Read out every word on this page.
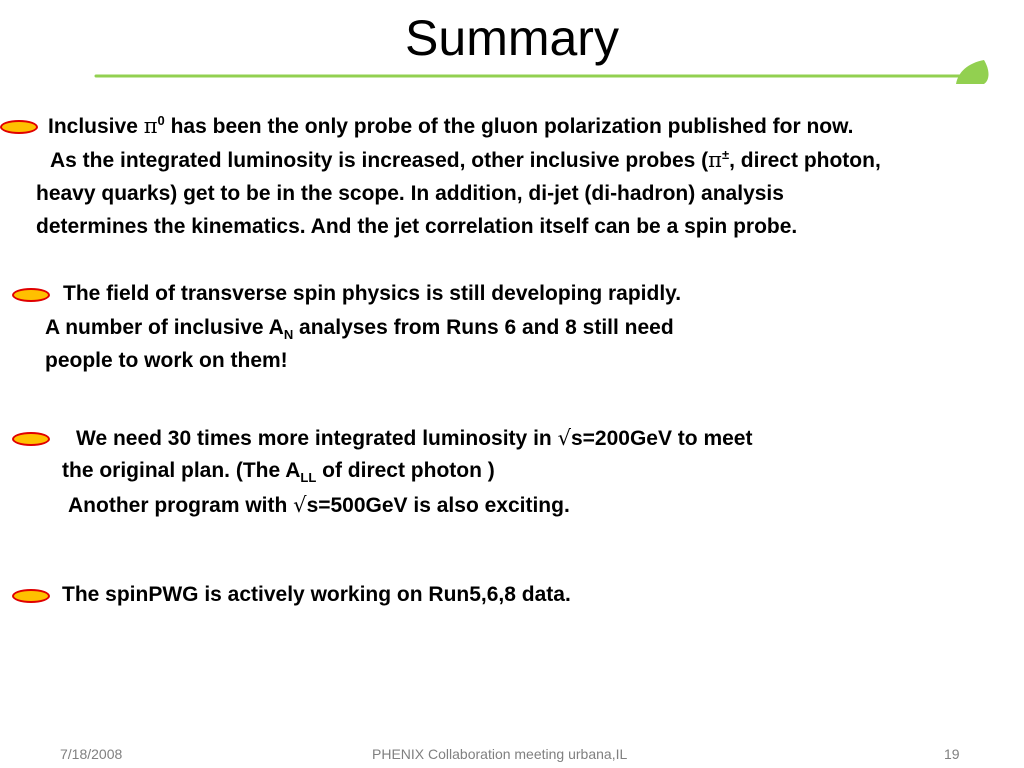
Summary
Inclusive $\pi^0$ has been the only probe of the gluon polarization published for now.
As the integrated luminosity is increased, other inclusive probes (π±, direct photon,
heavy quarks) get to be in the scope. In addition, di-jet (di-hadron) analysis
determines the kinematics. And the jet correlation itself can be a spin probe.
The field of transverse spin physics is still developing rapidly.
A number of inclusive $A_N$ analyses from Runs 6 and 8 still need
people to work on them!
We need 30 times more integrated luminosity in √s=200GeV to meet
the original plan. (The $A_{LL}$ of direct photon )
Another program with √s=500GeV is also exciting.
The spinPWG is actively working on Run5,6,8 data.
7/18/2008	PHENIX Collaboration meeting urbana,IL	19
